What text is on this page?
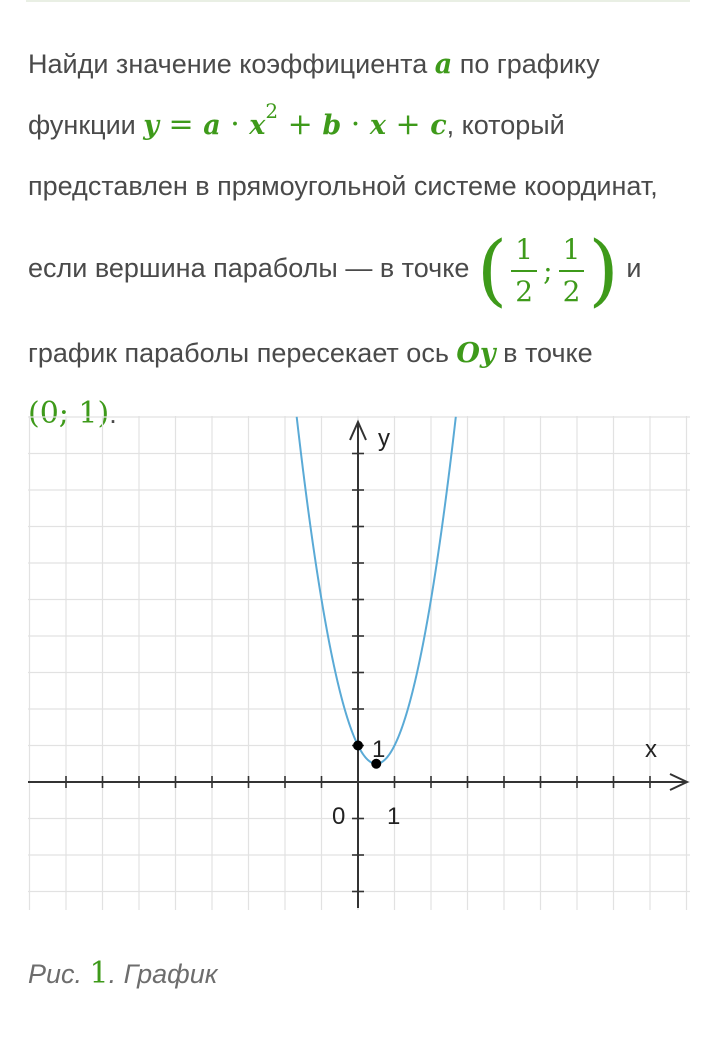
Найди значение коэффициента a по графику
функции $y = a \cdot x^2 + b \cdot x + c$, который
представлен в прямоугольной системе координат,
если вершина параболы — в точке ( $\frac{1}{2}$ ; $\frac{1}{2}$ ) и
график параболы пересекает ось Oy в точке
(0; 1).
y
x
0 1
1
Рис. 1. График
